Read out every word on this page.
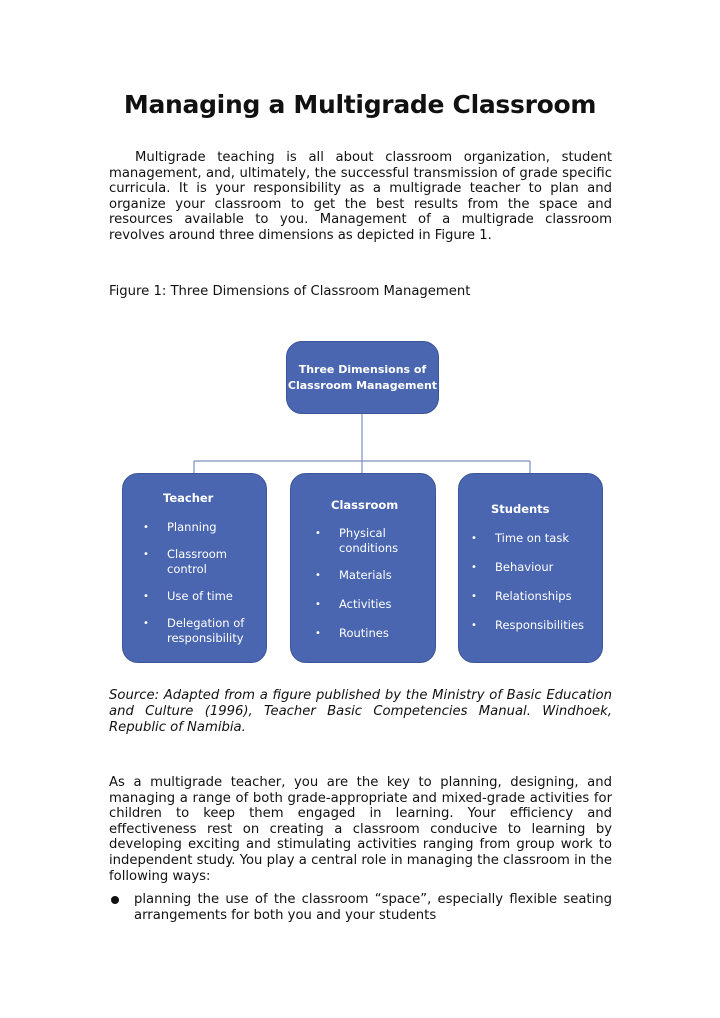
Managing a Multigrade Classroom

Multigrade teaching is all about classroom organization, student management, and, ultimately, the successful transmission of grade specific curricula. It is your responsibility as a multigrade teacher to plan and organize your classroom to get the best results from the space and resources available to you. Management of a multigrade classroom revolves around three dimensions as depicted in Figure 1.

Figure 1: Three Dimensions of Classroom Management

Three Dimensions of
Classroom Management

Teacher

• Planning
• Classroom control
• Use of time
• Delegation of responsibility

Classroom

• Physical conditions
• Materials
• Activities
• Routines

Students

• Time on task
• Behaviour
• Relationships
• Responsibilities

Source: Adapted from a figure published by the Ministry of Basic Education and Culture (1996), Teacher Basic Competencies Manual. Windhoek, Republic of Namibia.

As a multigrade teacher, you are the key to planning, designing, and managing a range of both grade-appropriate and mixed-grade activities for children to keep them engaged in learning. Your efficiency and effectiveness rest on creating a classroom conducive to learning by developing exciting and stimulating activities ranging from group work to independent study. You play a central role in managing the classroom in the following ways:

planning the use of the classroom “space”, especially flexible seating arrangements for both you and your students
